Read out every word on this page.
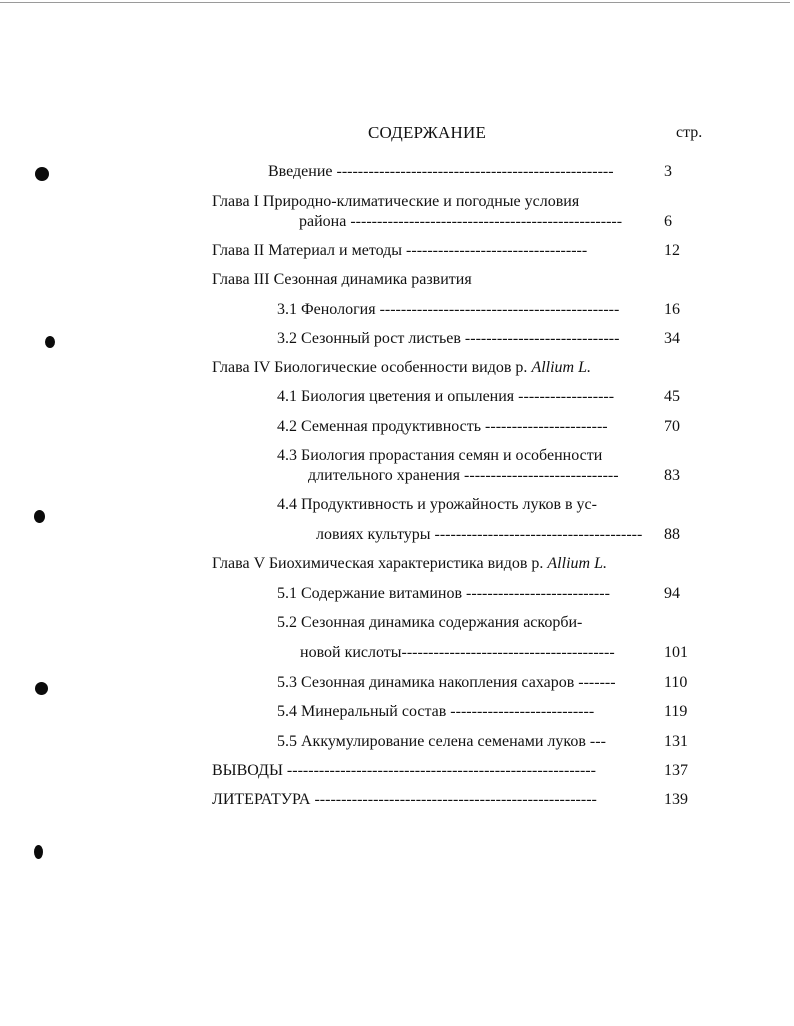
СОДЕРЖАНИЕ	стр.
Введение ----------------------------------------------------	3
Глава I Природно-климатические и погодные условия
района ---------------------------------------------------	6
Глава II Материал и методы ----------------------------------	12
Глава III Сезонная динамика развития
3.1 Фенология ---------------------------------------------	16
3.2 Сезонный рост листьев -----------------------------	34
Глава IV Биологические особенности видов р. Allium L.
4.1 Биология цветения и опыления ------------------	45
4.2 Семенная продуктивность -----------------------	70
4.3 Биология прорастания семян и особенности
длительного хранения -----------------------------	83
4.4 Продуктивность и урожайность луков в ус-
ловиях культуры --------------------------------------- 88
Глава V Биохимическая характеристика видов р. Allium L.
5.1 Содержание витаминов ---------------------------	94
5.2 Сезонная динамика содержания аскорби-
новой кислоты----------------------------------------	101
5.3 Сезонная динамика накопления сахаров -------	110
5.4 Минеральный состав ---------------------------	119
5.5 Аккумулирование селена семенами луков ---	131
ВЫВОДЫ ----------------------------------------------------------	137
ЛИТЕРАТУРА -----------------------------------------------------	139
